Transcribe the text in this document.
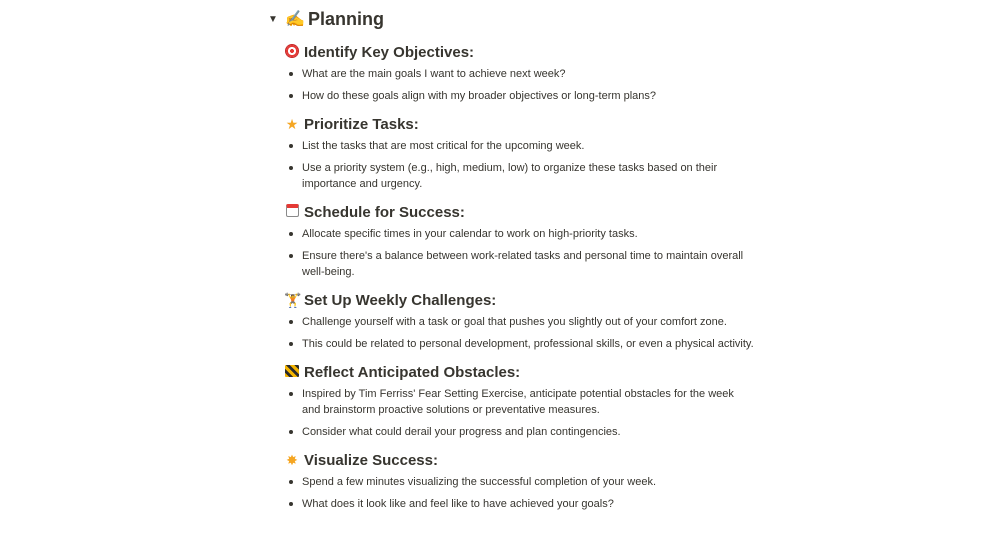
▼ ✍️ Planning
Identify Key Objectives:
What are the main goals I want to achieve next week?
How do these goals align with my broader objectives or long-term plans?
★ Prioritize Tasks:
List the tasks that are most critical for the upcoming week.
Use a priority system (e.g., high, medium, low) to organize these tasks based on their importance and urgency.
Schedule for Success:
Allocate specific times in your calendar to work on high-priority tasks.
Ensure there's a balance between work-related tasks and personal time to maintain overall well-being.
🏋 Set Up Weekly Challenges:
Challenge yourself with a task or goal that pushes you slightly out of your comfort zone.
This could be related to personal development, professional skills, or even a physical activity.
Reflect Anticipated Obstacles:
Inspired by Tim Ferriss' Fear Setting Exercise, anticipate potential obstacles for the week and brainstorm proactive solutions or preventative measures.
Consider what could derail your progress and plan contingencies.
✸ Visualize Success:
Spend a few minutes visualizing the successful completion of your week.
What does it look like and feel like to have achieved your goals?
